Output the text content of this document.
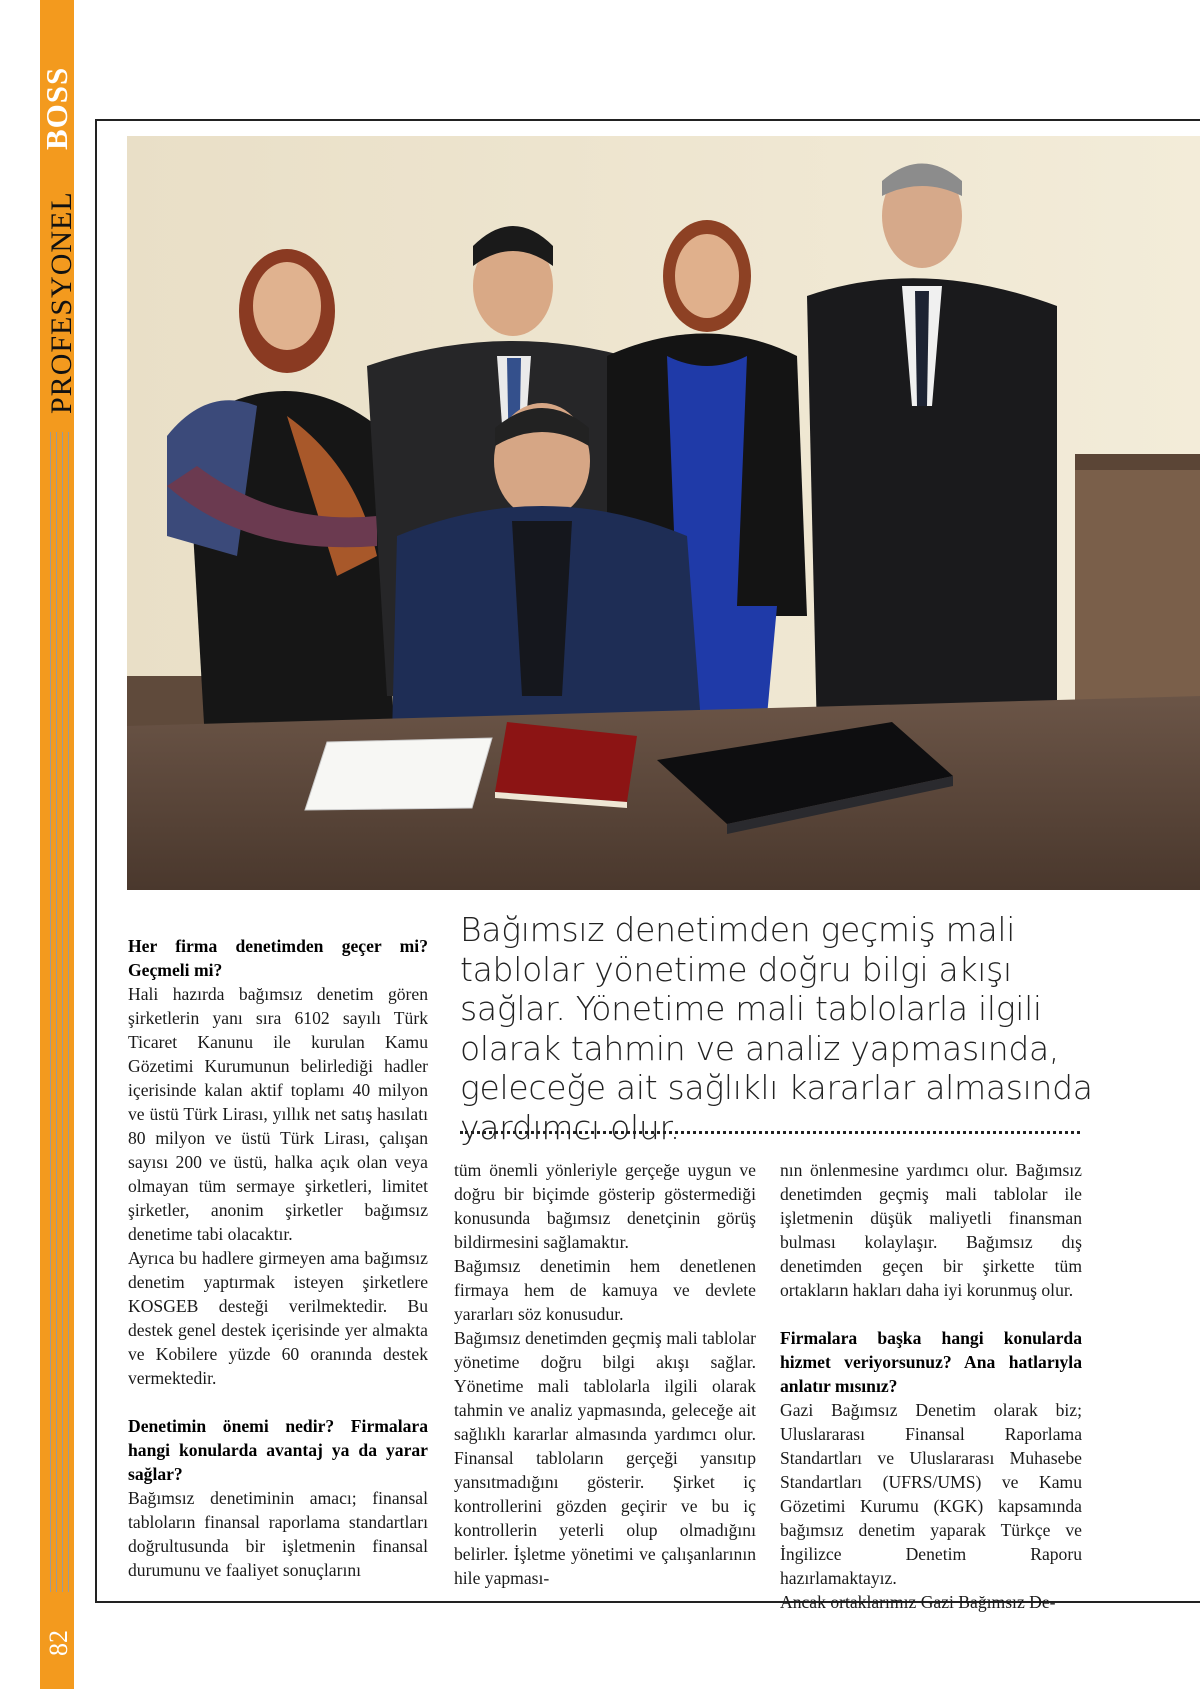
BOSS
PROFESYONEL
82
Bağımsız denetimden geçmiş mali tablolar yönetime doğru bilgi akışı sağlar. Yönetime mali tablolarla ilgili olarak tahmin ve analiz yapmasında, geleceğe ait sağlıklı kararlar almasında yardımcı olur.

Her firma denetimden geçer mi? Geçmeli mi?

Hali hazırda bağımsız denetim gören şirketlerin yanı sıra 6102 sayılı Türk Ticaret Kanunu ile kurulan Kamu Gözetimi Kurumunun belirlediği hadler içerisinde kalan aktif toplamı 40 milyon ve üstü Türk Lirası, yıllık net satış hasılatı 80 milyon ve üstü Türk Lirası, çalışan sayısı 200 ve üstü, halka açık olan veya olmayan tüm sermaye şirketleri, limitet şirketler, anonim şirketler bağımsız denetime tabi olacaktır.

Ayrıca bu hadlere girmeyen ama bağımsız denetim yaptırmak isteyen şirketlere KOSGEB desteği verilmektedir. Bu destek genel destek içerisinde yer almakta ve Kobilere yüzde 60 oranında destek vermektedir.

Denetimin önemi nedir? Firmalara hangi konularda avantaj ya da yarar sağlar?

Bağımsız denetiminin amacı; finansal tabloların finansal raporlama standartları doğrultusunda bir işletmenin finansal durumunu ve faaliyet sonuçlarını

tüm önemli yönleriyle gerçeğe uygun ve doğru bir biçimde gösterip göstermediği konusunda bağımsız denetçinin görüş bildirmesini sağlamaktır.

Bağımsız denetimin hem denetlenen firmaya hem de kamuya ve devlete yararları söz konusudur.

Bağımsız denetimden geçmiş mali tablolar yönetime doğru bilgi akışı sağlar. Yönetime mali tablolarla ilgili olarak tahmin ve analiz yapmasında, geleceğe ait sağlıklı kararlar almasında yardımcı olur. Finansal tabloların gerçeği yansıtıp yansıtmadığını gösterir. Şirket iç kontrollerini gözden geçirir ve bu iç kontrollerin yeterli olup olmadığını belirler. İşletme yönetimi ve çalışanlarının hile yapması-

nın önlenmesine yardımcı olur. Bağımsız denetimden geçmiş mali tablolar ile işletmenin düşük maliyetli finansman bulması kolaylaşır. Bağımsız dış denetimden geçen bir şirkette tüm ortakların hakları daha iyi korunmuş olur.

Firmalara başka hangi konularda hizmet veriyorsunuz? Ana hatlarıyla anlatır mısınız?

Gazi Bağımsız Denetim olarak biz; Uluslararası Finansal Raporlama Standartları ve Uluslararası Muhasebe Standartları (UFRS/UMS) ve Kamu Gözetimi Kurumu (KGK) kapsamında bağımsız denetim yaparak Türkçe ve İngilizce Denetim Raporu hazırlamaktayız.

Ancak ortaklarımız Gazi Bağımsız De-
